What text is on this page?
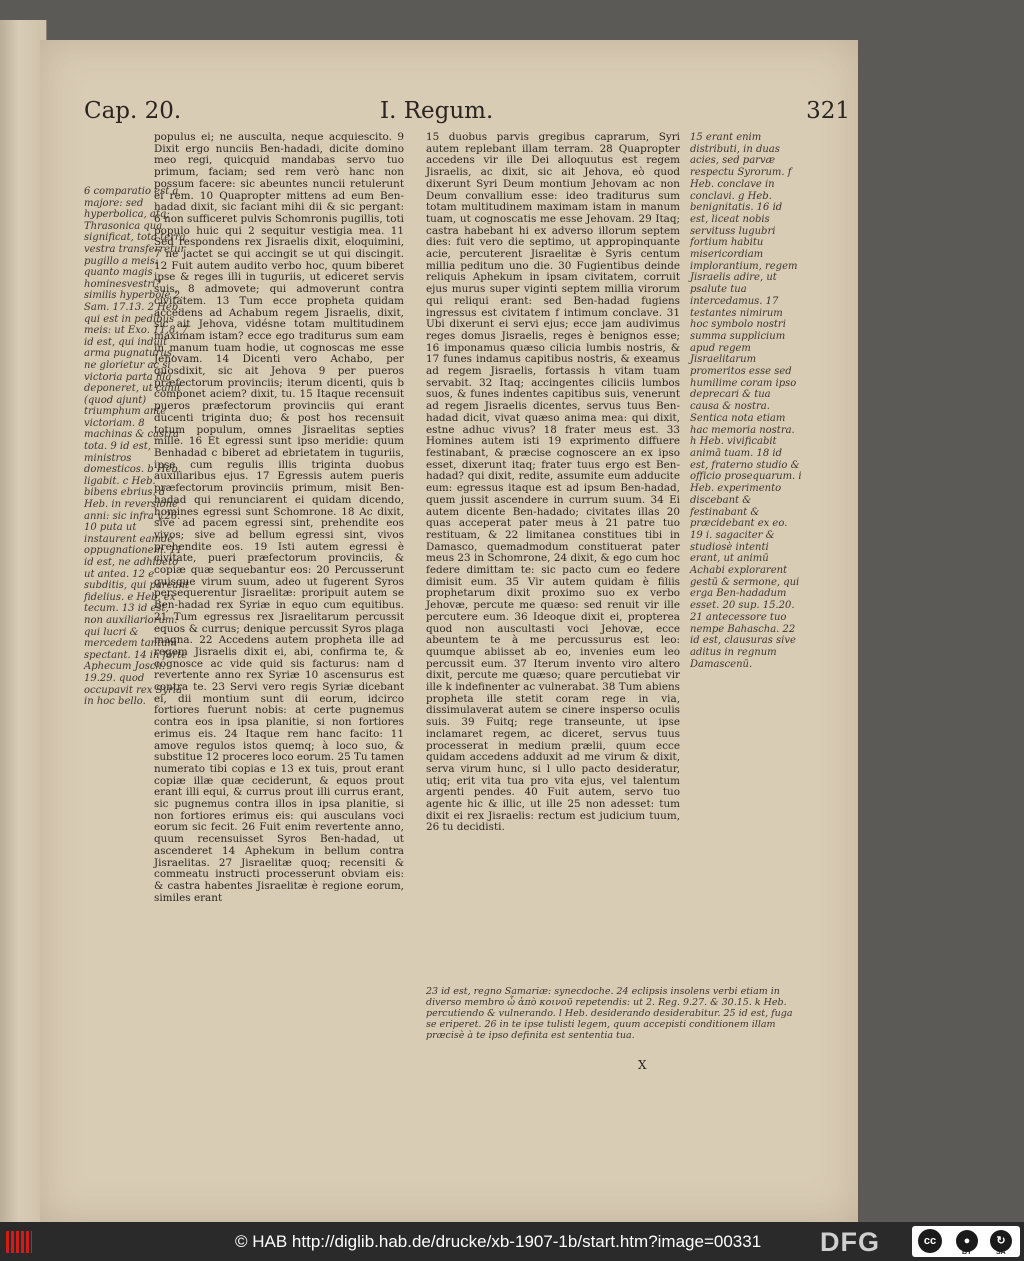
Cap. 20.	I. Regum.	321
6 comparatio est a majore: sed hyperbolica, atq; Thrasonica qua significat, tota terra vestra transferretur pugillo a meis: quanto magis hominesvestri? similis hyperbole 2. Sam. 17.13. 2 Heb. qui est in pedibus meis: ut Exo. 11.8. 7 id est, qui induit arma pugnaturus, ne glorietur ac si victoria parta illa deponeret, ut canit (quod ajunt) triumphum ante victoriam. 8 machinas & castra tota. 9 id est, ministros domesticos. b Heb. ligabit. c Heb. bibens ebrius. d Heb. in reversione anni: sic infra y.26. 10 puta ut instaurent eamde oppugnationem. 11 id est, ne adhibeto ut antea. 12 e subditis, qui pareant fidelius. e Heb. ex tecum. 13 id est, non auxiliariorum: qui lucri & mercedem tantum spectant. 14 in forte Aphecum Josch. 19.29. quod occupavit rex Syria in hoc bello.

populus ei; ne ausculta, neque acquiescito. 9 Dixit ergo nunciis Ben-hadadi, dicite domino meo regi, quicquid mandabas servo tuo primum, faciam; sed rem verò hanc non possum facere: sic abeuntes nuncii retulerunt ei rem. 10 Quapropter mittens ad eum Ben-hadad dixit, sic faciant mihi dii & sic pergant: 6 non sufficeret pulvis Schomronis pugillis, toti populo huic qui 2 sequitur vestigia mea. 11 Sed respondens rex Jisraelis dixit, eloquimini, 7 ne jactet se qui accingit se ut qui discingit. 12 Fuit autem audito verbo hoc, quum biberet ipse & reges illi in tuguriis, ut ediceret servis suis, 8 admovete; qui admoverunt contra civitatem. 13 Tum ecce propheta quidam accedens ad Achabum regem Jisraelis, dixit, sic ait Jehova, vidésne totam multitudinem maximam istam? ecce ego traditurus sum eam in manum tuam hodie, ut cognoscas me esse Jehovam. 14 Dicenti vero Achabo, per quosdixit, sic ait Jehova 9 per pueros præfectorum provinciis; iterum dicenti, quis b componet aciem? dixit, tu. 15 Itaque recensuit pueros præfectorum provinciis qui erant ducenti triginta duo; & post hos recensuit totum populum, omnes Jisraelitas septies mille. 16 Et egressi sunt ipso meridie: quum Benhadad c biberet ad ebrietatem in tuguriis, ipse cum regulis illis triginta duobus auxiliaribus ejus. 17 Egressis autem pueris præfectorum provinciis primum, misit Ben-hadad qui renunciarent ei quidam dicendo, homines egressi sunt Schomrone. 18 Ac dixit, sive ad pacem egressi sint, prehendite eos vivos; sive ad bellum egressi sint, vivos prehendite eos. 19 Isti autem egressi è civitate, pueri præfectorum provinciis, & copiæ quæ sequebantur eos: 20 Percusserunt quisque virum suum, adeo ut fugerent Syros persequerentur Jisraelitæ: proripuit autem se Ben-hadad rex Syriæ in equo cum equitibus. 21 Tum egressus rex Jisraelitarum percussit equos & currus; denique percussit Syros plaga magna. 22 Accedens autem propheta ille ad regem Jisraelis dixit ei, abi, confirma te, & cognosce ac vide quid sis facturus: nam d revertente anno rex Syriæ 10 ascensurus est contra te. 23 Servi vero regis Syriæ dicebant ei, dii montium sunt dii eorum, idcirco fortiores fuerunt nobis: at certe pugnemus contra eos in ipsa planitie, si non fortiores erimus eis. 24 Itaque rem hanc facito: 11 amove regulos istos quemq; à loco suo, & substitue 12 proceres loco eorum. 25 Tu tamen numerato tibi copias e 13 ex tuis, prout erant copiæ illæ quæ ceciderunt, & equos prout erant illi equi, & currus prout illi currus erant, sic pugnemus contra illos in ipsa planitie, si non fortiores erimus eis: qui ausculans voci eorum sic fecit. 26 Fuit enim revertente anno, quum recensuisset Syros Ben-hadad, ut ascenderet 14 Aphekum in bellum contra Jisraelitas. 27 Jisraelitæ quoq; recensiti & commeatu instructi processerunt obviam eis: & castra habentes Jisraelitæ è regione eorum, similes erant

15 duobus parvis gregibus caprarum, Syri autem replebant illam terram. 28 Quapropter accedens vir ille Dei alloquutus est regem Jisraelis, ac dixit, sic ait Jehova, eò quod dixerunt Syri Deum montium Jehovam ac non Deum convallium esse: ideo traditurus sum totam multitudinem maximam istam in manum tuam, ut cognoscatis me esse Jehovam. 29 Itaq; castra habebant hi ex adverso illorum septem dies: fuit vero die septimo, ut appropinquante acie, percuterent Jisraelitæ è Syris centum millia peditum uno die. 30 Fugientibus deinde reliquis Aphekum in ipsam civitatem, corruit ejus murus super viginti septem millia virorum qui reliqui erant: sed Ben-hadad fugiens ingressus est civitatem f intimum conclave. 31 Ubi dixerunt ei servi ejus; ecce jam audivimus reges domus Jisraelis, reges è benignos esse; 16 imponamus quæso cilicia lumbis nostris, & 17 funes indamus capitibus nostris, & exeamus ad regem Jisraelis, fortassis h vitam tuam servabit. 32 Itaq; accingentes ciliciis lumbos suos, & funes indentes capitibus suis, venerunt ad regem Jisraelis dicentes, servus tuus Ben-hadad dicit, vivat quæso anima mea: qui dixit, estne adhuc vivus? 18 frater meus est. 33 Homines autem isti 19 exprimento diffuere festinabant, & præcise cognoscere an ex ipso esset, dixerunt itaq; frater tuus ergo est Ben-hadad? qui dixit, redite, assumite eum adducite eum: egressus itaque est ad ipsum Ben-hadad, quem jussit ascendere in currum suum. 34 Ei autem dicente Ben-hadado; civitates illas 20 quas acceperat pater meus à 21 patre tuo restituam, & 22 limitanea constitues tibi in Damasco, quemadmodum constituerat pater meus 23 in Schomrone, 24 dixit, & ego cum hoc federe dimittam te: sic pacto cum eo federe dimisit eum. 35 Vir autem quidam è filiis prophetarum dixit proximo suo ex verbo Jehovæ, percute me quæso: sed renuit vir ille percutere eum. 36 Ideoque dixit ei, propterea quod non auscultasti voci Jehovæ, ecce abeuntem te à me percussurus est leo: quumque abiisset ab eo, invenies eum leo percussit eum. 37 Iterum invento viro altero dixit, percute me quæso; quare percutiebat vir ille k indefinenter ac vulnerabat. 38 Tum abiens propheta ille stetit coram rege in via, dissimulaverat autem se cinere insperso oculis suis. 39 Fuitq; rege transeunte, ut ipse inclamaret regem, ac diceret, servus tuus processerat in medium prælii, quum ecce quidam accedens adduxit ad me virum & dixit, serva virum hunc, si l ullo pacto desideratur, utiq; erit vita tua pro vita ejus, vel talentum argenti pendes. 40 Fuit autem, servo tuo agente hic & illic, ut ille 25 non adesset: tum dixit ei rex Jisraelis: rectum est judicium tuum, 26 tu decidisti.

15 erant enim distributi, in duas acies, sed parvæ respectu Syrorum. f Heb. conclave in conclavi. g Heb. benignitatis. 16 id est, liceat nobis servituss lugubri fortium habitu misericordiam implorantium, regem Jisraelis adire, ut psalute tua intercedamus. 17 testantes nimirum hoc symbolo nostri summa supplicium apud regem Jisraelitarum promeritos esse sed humilime coram ipso deprecari & tua causa & nostra. Sentica nota etiam hac memoria nostra. h Heb. vivificabit animā tuam. 18 id est, fraterno studio & officio prosequarum. i Heb. experimento discebant & festinabant & præcidebant ex eo. 19 i. sagaciter & studiosè intenti erant, ut animū Achabi explorarent gestū & sermone, qui erga Ben-hadadum esset. 20 sup. 15.20. 21 antecessore tuo nempe Bahascha. 22 id est, clausuras sive aditus in regnum Damascenū.
23 id est, regno Samariæ: synecdoche. 24 eclipsis insolens verbi etiam in diverso membro ὦ ἀπὸ κοινοῦ repetendis: ut 2. Reg. 9.27. & 30.15. k Heb. percutiendo & vulnerando. l Heb. desiderando desiderabitur. 25 id est, fuga se eriperet. 26 in te ipse tulisti legem, quum accepisti conditionem illam præcisè à te ipso definita est sententia tua.
X
© HAB http://diglib.hab.de/drucke/xb-1907-1b/start.htm?image=00331 DFG	cc	●	↻
BY	SA
